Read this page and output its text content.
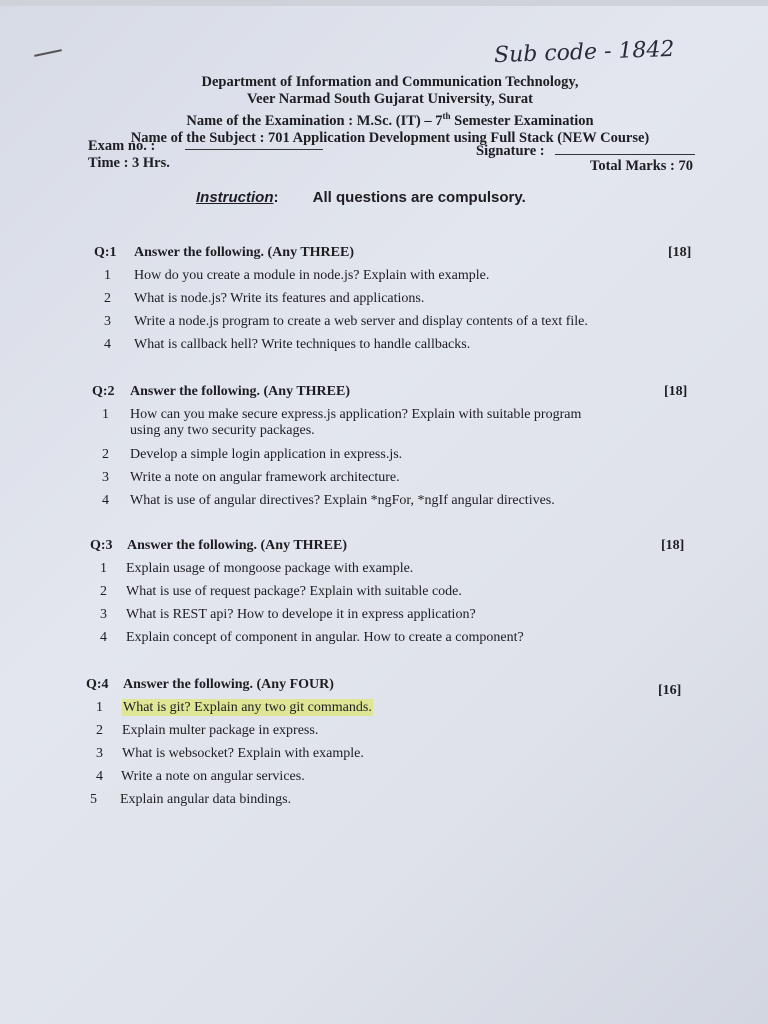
Sub code - 1842
Department of Information and Communication Technology,
Veer Narmad South Gujarat University, Surat
Name of the Examination : M.Sc. (IT) – 7th Semester Examination
Name of the Subject : 701 Application Development using Full Stack (NEW Course)
Exam no. :	Signature :
Time : 3 Hrs.	Total Marks : 70
Instruction: All questions are compulsory.
Q:1 Answer the following. (Any THREE)	[18]
1 How do you create a module in node.js? Explain with example.
2 What is node.js? Write its features and applications.
3 Write a node.js program to create a web server and display contents of a text file.
4 What is callback hell? Write techniques to handle callbacks.
Q:2 Answer the following. (Any THREE)	[18]
1 How can you make secure express.js application? Explain with suitable program
using any two security packages.
2 Develop a simple login application in express.js.
3 Write a note on angular framework architecture.
4 What is use of angular directives? Explain *ngFor, *ngIf angular directives.
Q:3 Answer the following. (Any THREE)	[18]
1 Explain usage of mongoose package with example.
2 What is use of request package? Explain with suitable code.
3 What is REST api? How to develope it in express application?
4 Explain concept of component in angular. How to create a component?
Q:4 Answer the following. (Any FOUR)	[16]
1 What is git? Explain any two git commands.
2 Explain multer package in express.
3 What is websocket? Explain with example.
4 Write a note on angular services.
5 Explain angular data bindings.
